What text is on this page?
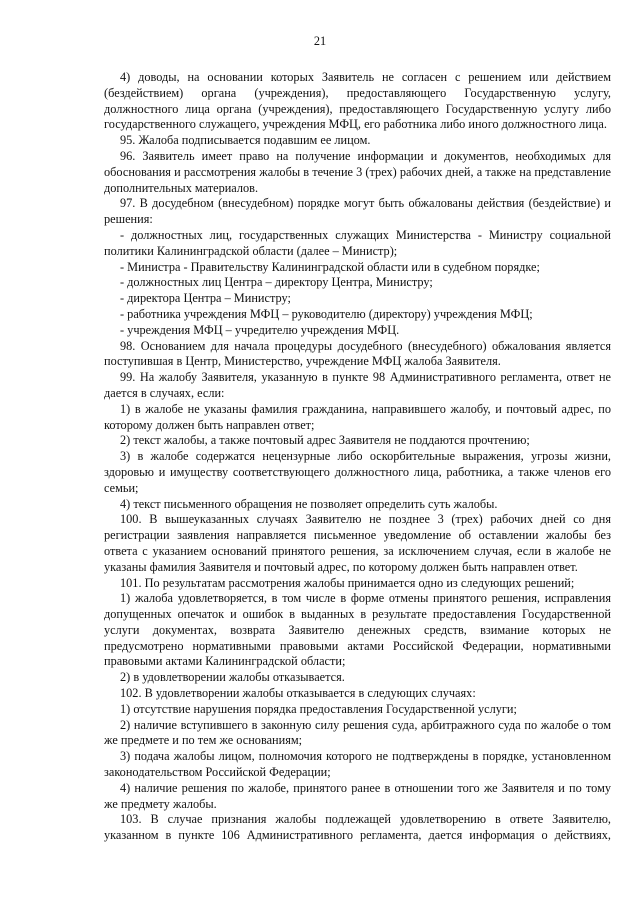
21

4) доводы, на основании которых Заявитель не согласен с решением или действием (бездействием) органа (учреждения), предоставляющего Государственную услугу, должностного лица органа (учреждения), предоставляющего Государственную услугу либо государственного служащего, учреждения МФЦ, его работника либо иного должностного лица.

95. Жалоба подписывается подавшим ее лицом.

96. Заявитель имеет право на получение информации и документов, необходимых для обоснования и рассмотрения жалобы в течение 3 (трех) рабочих дней, а также на представление дополнительных материалов.

97. В досудебном (внесудебном) порядке могут быть обжалованы действия (бездействие) и решения:

- должностных лиц, государственных служащих Министерства - Министру социальной политики Калининградской области (далее – Министр);

- Министра - Правительству Калининградской области или в судебном порядке;

- должностных лиц Центра – директору Центра, Министру;

- директора Центра – Министру;

- работника учреждения МФЦ – руководителю (директору) учреждения МФЦ;

- учреждения МФЦ – учредителю учреждения МФЦ.

98. Основанием для начала процедуры досудебного (внесудебного) обжалования является поступившая в Центр, Министерство, учреждение МФЦ жалоба Заявителя.

99. На жалобу Заявителя, указанную в пункте 98 Административного регламента, ответ не дается в случаях, если:

1) в жалобе не указаны фамилия гражданина, направившего жалобу, и почтовый адрес, по которому должен быть направлен ответ;

2) текст жалобы, а также почтовый адрес Заявителя не поддаются прочтению;

3) в жалобе содержатся нецензурные либо оскорбительные выражения, угрозы жизни, здоровью и имуществу соответствующего должностного лица, работника, а также членов его семьи;

4) текст письменного обращения не позволяет определить суть жалобы.

100. В вышеуказанных случаях Заявителю не позднее 3 (трех) рабочих дней со дня регистрации заявления направляется письменное уведомление об оставлении жалобы без ответа с указанием оснований принятого решения, за исключением случая, если в жалобе не указаны фамилия Заявителя и почтовый адрес, по которому должен быть направлен ответ.

101. По результатам рассмотрения жалобы принимается одно из следующих решений;

1) жалоба удовлетворяется, в том числе в форме отмены принятого решения, исправления допущенных опечаток и ошибок в выданных в результате предоставления Государственной услуги документах, возврата Заявителю денежных средств, взимание которых не предусмотрено нормативными правовыми актами Российской Федерации, нормативными правовыми актами Калининградской области;

2) в удовлетворении жалобы отказывается.

102. В удовлетворении жалобы отказывается в следующих случаях:

1) отсутствие нарушения порядка предоставления Государственной услуги;

2) наличие вступившего в законную силу решения суда, арбитражного суда по жалобе о том же предмете и по тем же основаниям;

3) подача жалобы лицом, полномочия которого не подтверждены в порядке, установленном законодательством Российской Федерации;

4) наличие решения по жалобе, принятого ранее в отношении того же Заявителя и по тому же предмету жалобы.

103. В случае признания жалобы подлежащей удовлетворению в ответе Заявителю, указанном в пункте 106 Административного регламента, дается информация о действиях,
